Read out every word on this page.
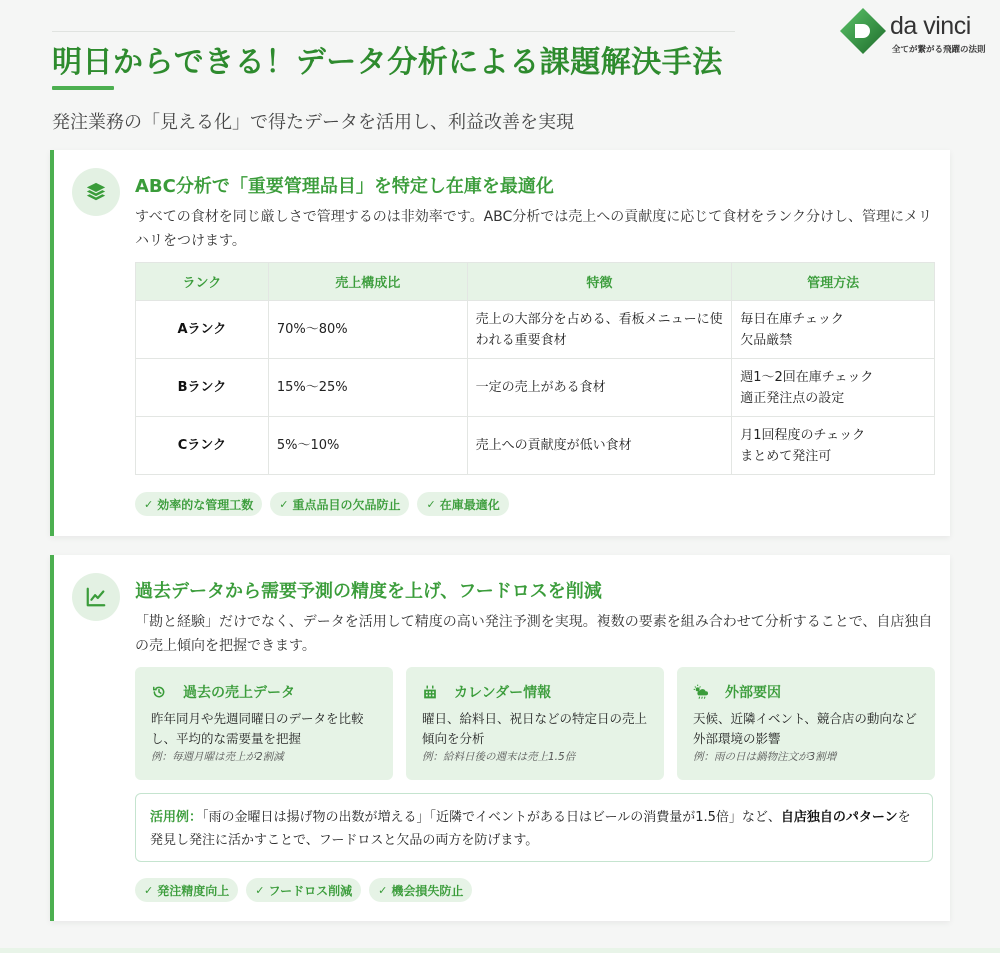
明日からできる！データ分析による課題解決手法

発注業務の「見える化」で得たデータを活用し、利益改善を実現

da vinci
全てが繋がる飛躍の法則
ABC分析で「重要管理品目」を特定し在庫を最適化

すべての食材を同じ厳しさで管理するのは非効率です。ABC分析では売上への貢献度に応じて食材をランク分けし、管理にメリハリをつけます。

ランク	売上構成比	特徴	管理方法
Aランク	70%〜80%	売上の大部分を占める、看板メニューに使われる重要食材	毎日在庫チェック
欠品厳禁

Bランク	15%〜25%	一定の売上がある食材	週1〜2回在庫チェック
適正発注点の設定

Cランク	5%〜10%	売上への貢献度が低い食材	月1回程度のチェック
まとめて発注可
✓ 効率的な管理工数 ✓ 重点品目の欠品防止 ✓ 在庫最適化
過去データから需要予測の精度を上げ、フードロスを削減

「勘と経験」だけでなく、データを活用して精度の高い発注予測を実現。複数の要素を組み合わせて分析することで、自店独自の売上傾向を把握できます。

過去の売上データ
昨年同月や先週同曜日のデータを比較し、平均的な需要量を把握
例：毎週月曜は売上が2割減
カレンダー情報
曜日、給料日、祝日などの特定日の売上傾向を分析
例：給料日後の週末は売上1.5倍
外部要因
天候、近隣イベント、競合店の動向など外部環境の影響
例：雨の日は鍋物注文が3割増
活用例：「雨の金曜日は揚げ物の出数が増える」「近隣でイベントがある日はビールの消費量が1.5倍」など、自店独自のパターンを発見し発注に活かすことで、フードロスと欠品の両方を防げます。
✓ 発注精度向上 ✓ フードロス削減 ✓ 機会損失防止
